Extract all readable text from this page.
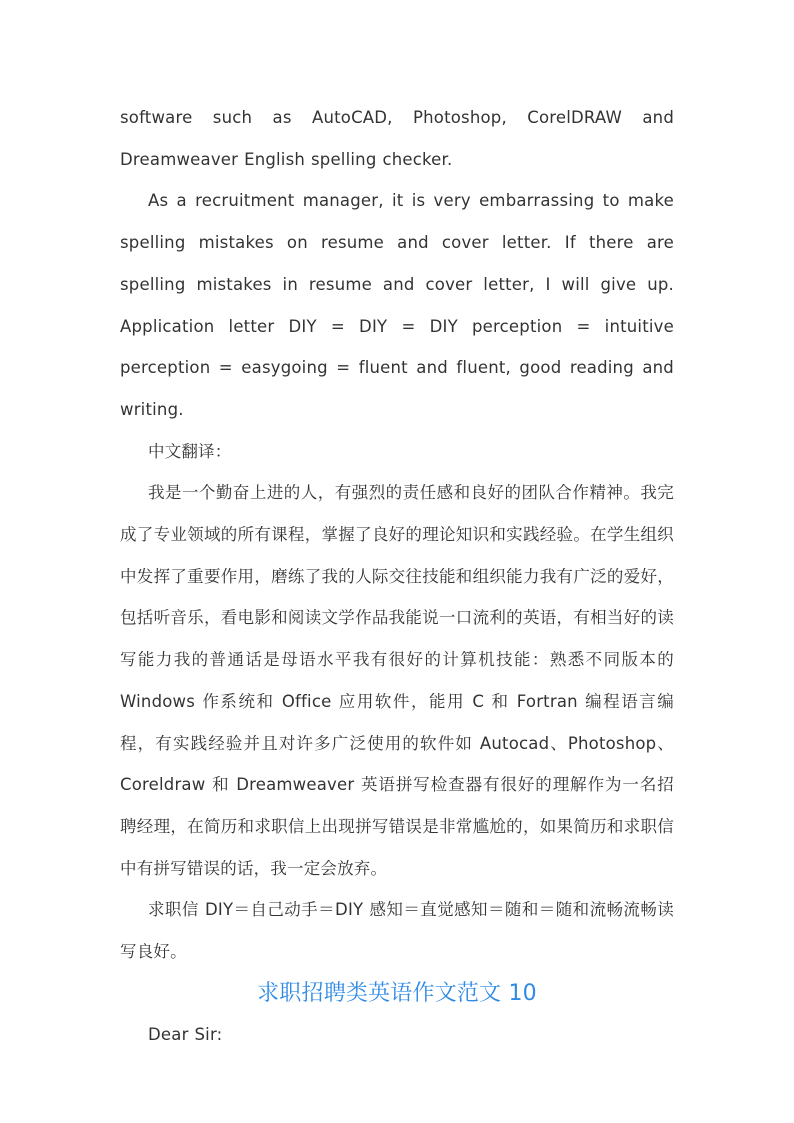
software such as AutoCAD, Photoshop, CorelDRAW and Dreamweaver English spelling checker.

As a recruitment manager, it is very embarrassing to make spelling mistakes on resume and cover letter. If there are spelling mistakes in resume and cover letter, I will give up. Application letter DIY = DIY = DIY perception = intuitive perception = easygoing = fluent and fluent, good reading and writing.

中文翻译：

我是一个勤奋上进的人，有强烈的责任感和良好的团队合作精神。我完成了专业领域的所有课程，掌握了良好的理论知识和实践经验。在学生组织中发挥了重要作用，磨练了我的人际交往技能和组织能力我有广泛的爱好，包括听音乐，看电影和阅读文学作品我能说一口流利的英语，有相当好的读写能力我的普通话是母语水平我有很好的计算机技能：熟悉不同版本的 Windows 作系统和 Office 应用软件，能用 C 和 Fortran 编程语言编程，有实践经验并且对许多广泛使用的软件如 Autocad、Photoshop、Coreldraw 和 Dreamweaver 英语拼写检查器有很好的理解作为一名招聘经理，在简历和求职信上出现拼写错误是非常尴尬的，如果简历和求职信中有拼写错误的话，我一定会放弃。

求职信 DIY＝自己动手＝DIY 感知＝直觉感知＝随和＝随和流畅流畅读写良好。

求职招聘类英语作文范文 10

Dear Sir:
